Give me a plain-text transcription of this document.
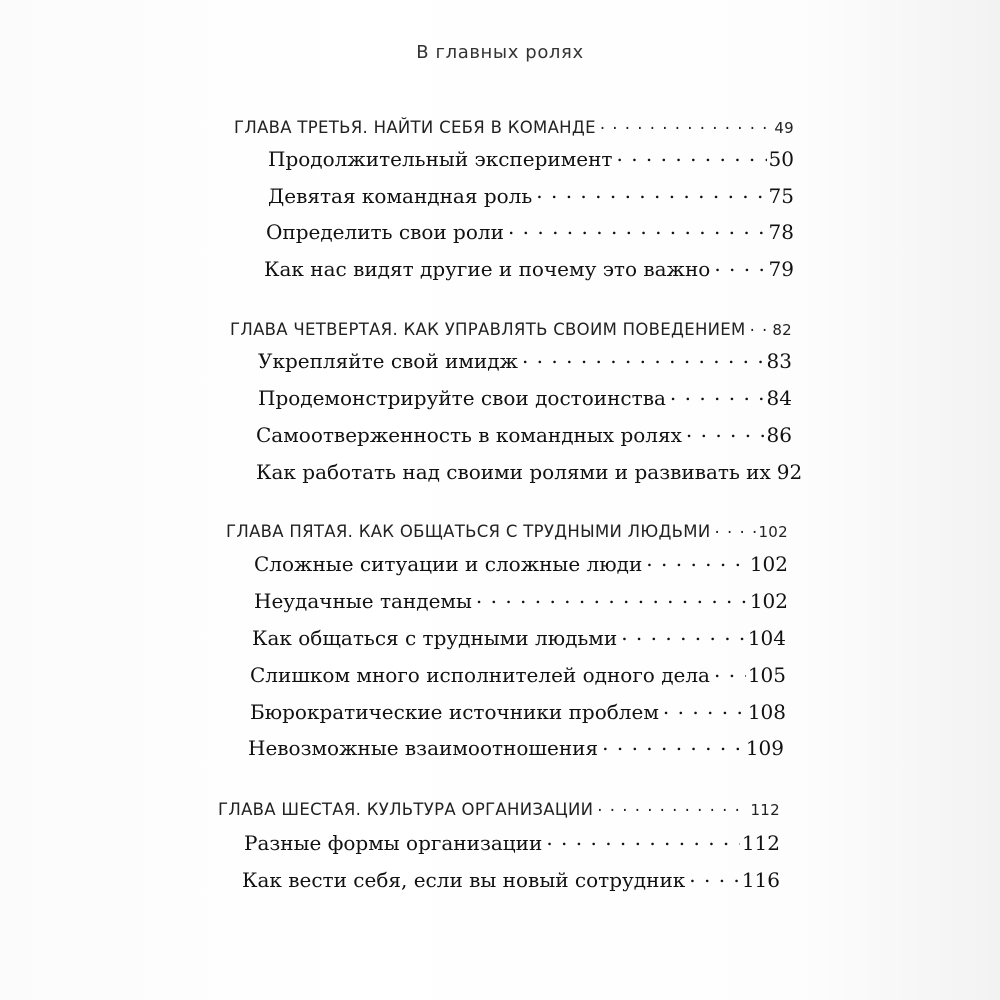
В главных ролях
ГЛАВА ТРЕТЬЯ. НАЙТИ СЕБЯ В КОМАНДЕ . . .	49
Продолжительный эксперимент . . .	50
Девятая командная роль . . .	75
Определить свои роли . . .	78
Как нас видят другие и почему это важно . . .	79
ГЛАВА ЧЕТВЕРТАЯ. КАК УПРАВЛЯТЬ СВОИМ ПОВЕДЕНИЕМ . . . 82
Укрепляйте свой имидж . . .	83
Продемонстрируйте свои достоинства . . .	84
Самоотверженность в командных ролях . . .	86
Как работать над своими ролями и развивать их 92
ГЛАВА ПЯТАЯ. КАК ОБЩАТЬСЯ С ТРУДНЫМИ ЛЮДЬМИ . . .	102
Сложные ситуации и сложные люди . . .	102
Неудачные тандемы . . .	102
Как общаться с трудными людьми . . .	104
Слишком много исполнителей одного дела . . . 105
Бюрократические источники проблем . . .	108
Невозможные взаимоотношения . . .	109
ГЛАВА ШЕСТАЯ. КУЛЬТУРА ОРГАНИЗАЦИИ . . .	112
Разные формы организации . . .	112
Как вести себя, если вы новый сотрудник . . .	116
